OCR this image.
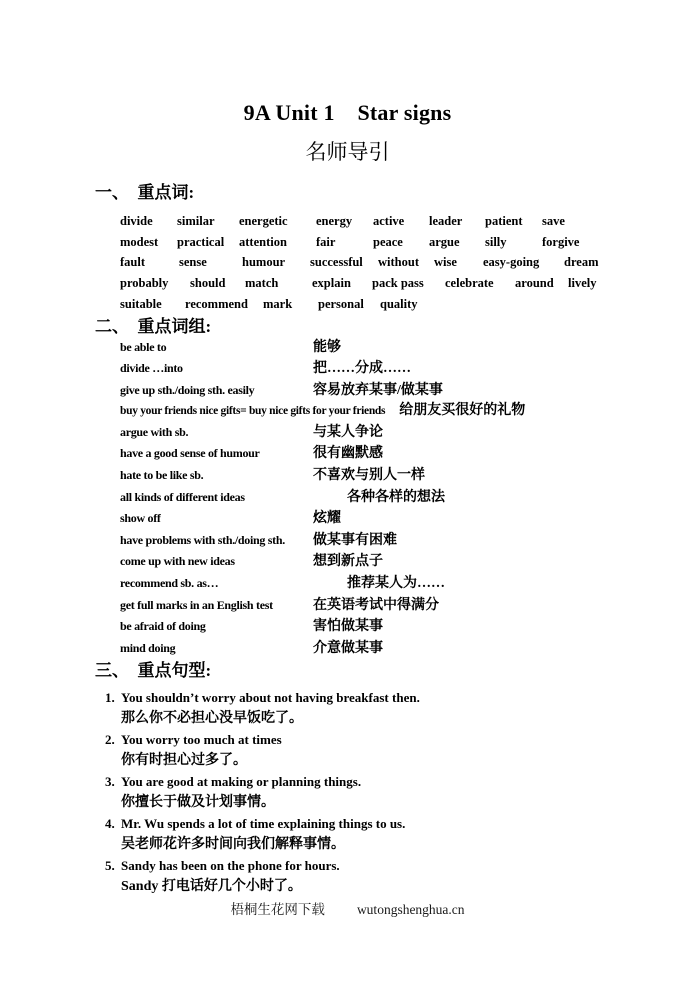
9A Unit 1    Star signs
名师导引
一、　重点词:
divide	similar	energetic	energy	active	leader	patient	save
modest	practical	attention	fair	peace	argue	silly	forgive
fault	sense	humour	successful	without	wise	easy-going	dream
probably	should	match	explain	pack pass	celebrate	around	lively
suitable	recommend	mark	personal	quality
二、　重点词组:
be able to	能够
divide …into	把……分成……
give up sth./doing sth. easily	容易放弃某事/做某事
buy your friends nice gifts= buy nice gifts for your friends 给朋友买很好的礼物
argue with sb.	与某人争论
have a good sense of humour	很有幽默感
hate to be like sb.	不喜欢与别人一样
all kinds of different ideas	各种各样的想法
show off	炫耀
have problems with sth./doing sth.	做某事有困难
come up with new ideas	想到新点子
recommend sb. as…	推荐某人为……
get full marks in an English test	在英语考试中得满分
be afraid of doing	害怕做某事
mind doing	介意做某事
三、　重点句型:
1. You shouldn’t worry about not having breakfast then.
那么你不必担心没早饭吃了。
2. You worry too much at times
你有时担心过多了。
3. You are good at making or planning things.
你擅长于做及计划事情。
4. Mr. Wu spends a lot of time explaining things to us.
吴老师花许多时间向我们解释事情。
5. Sandy has been on the phone for hours.
Sandy 打电话好几个小时了。
梧桐生花网下载 wutongshenghua.cn
